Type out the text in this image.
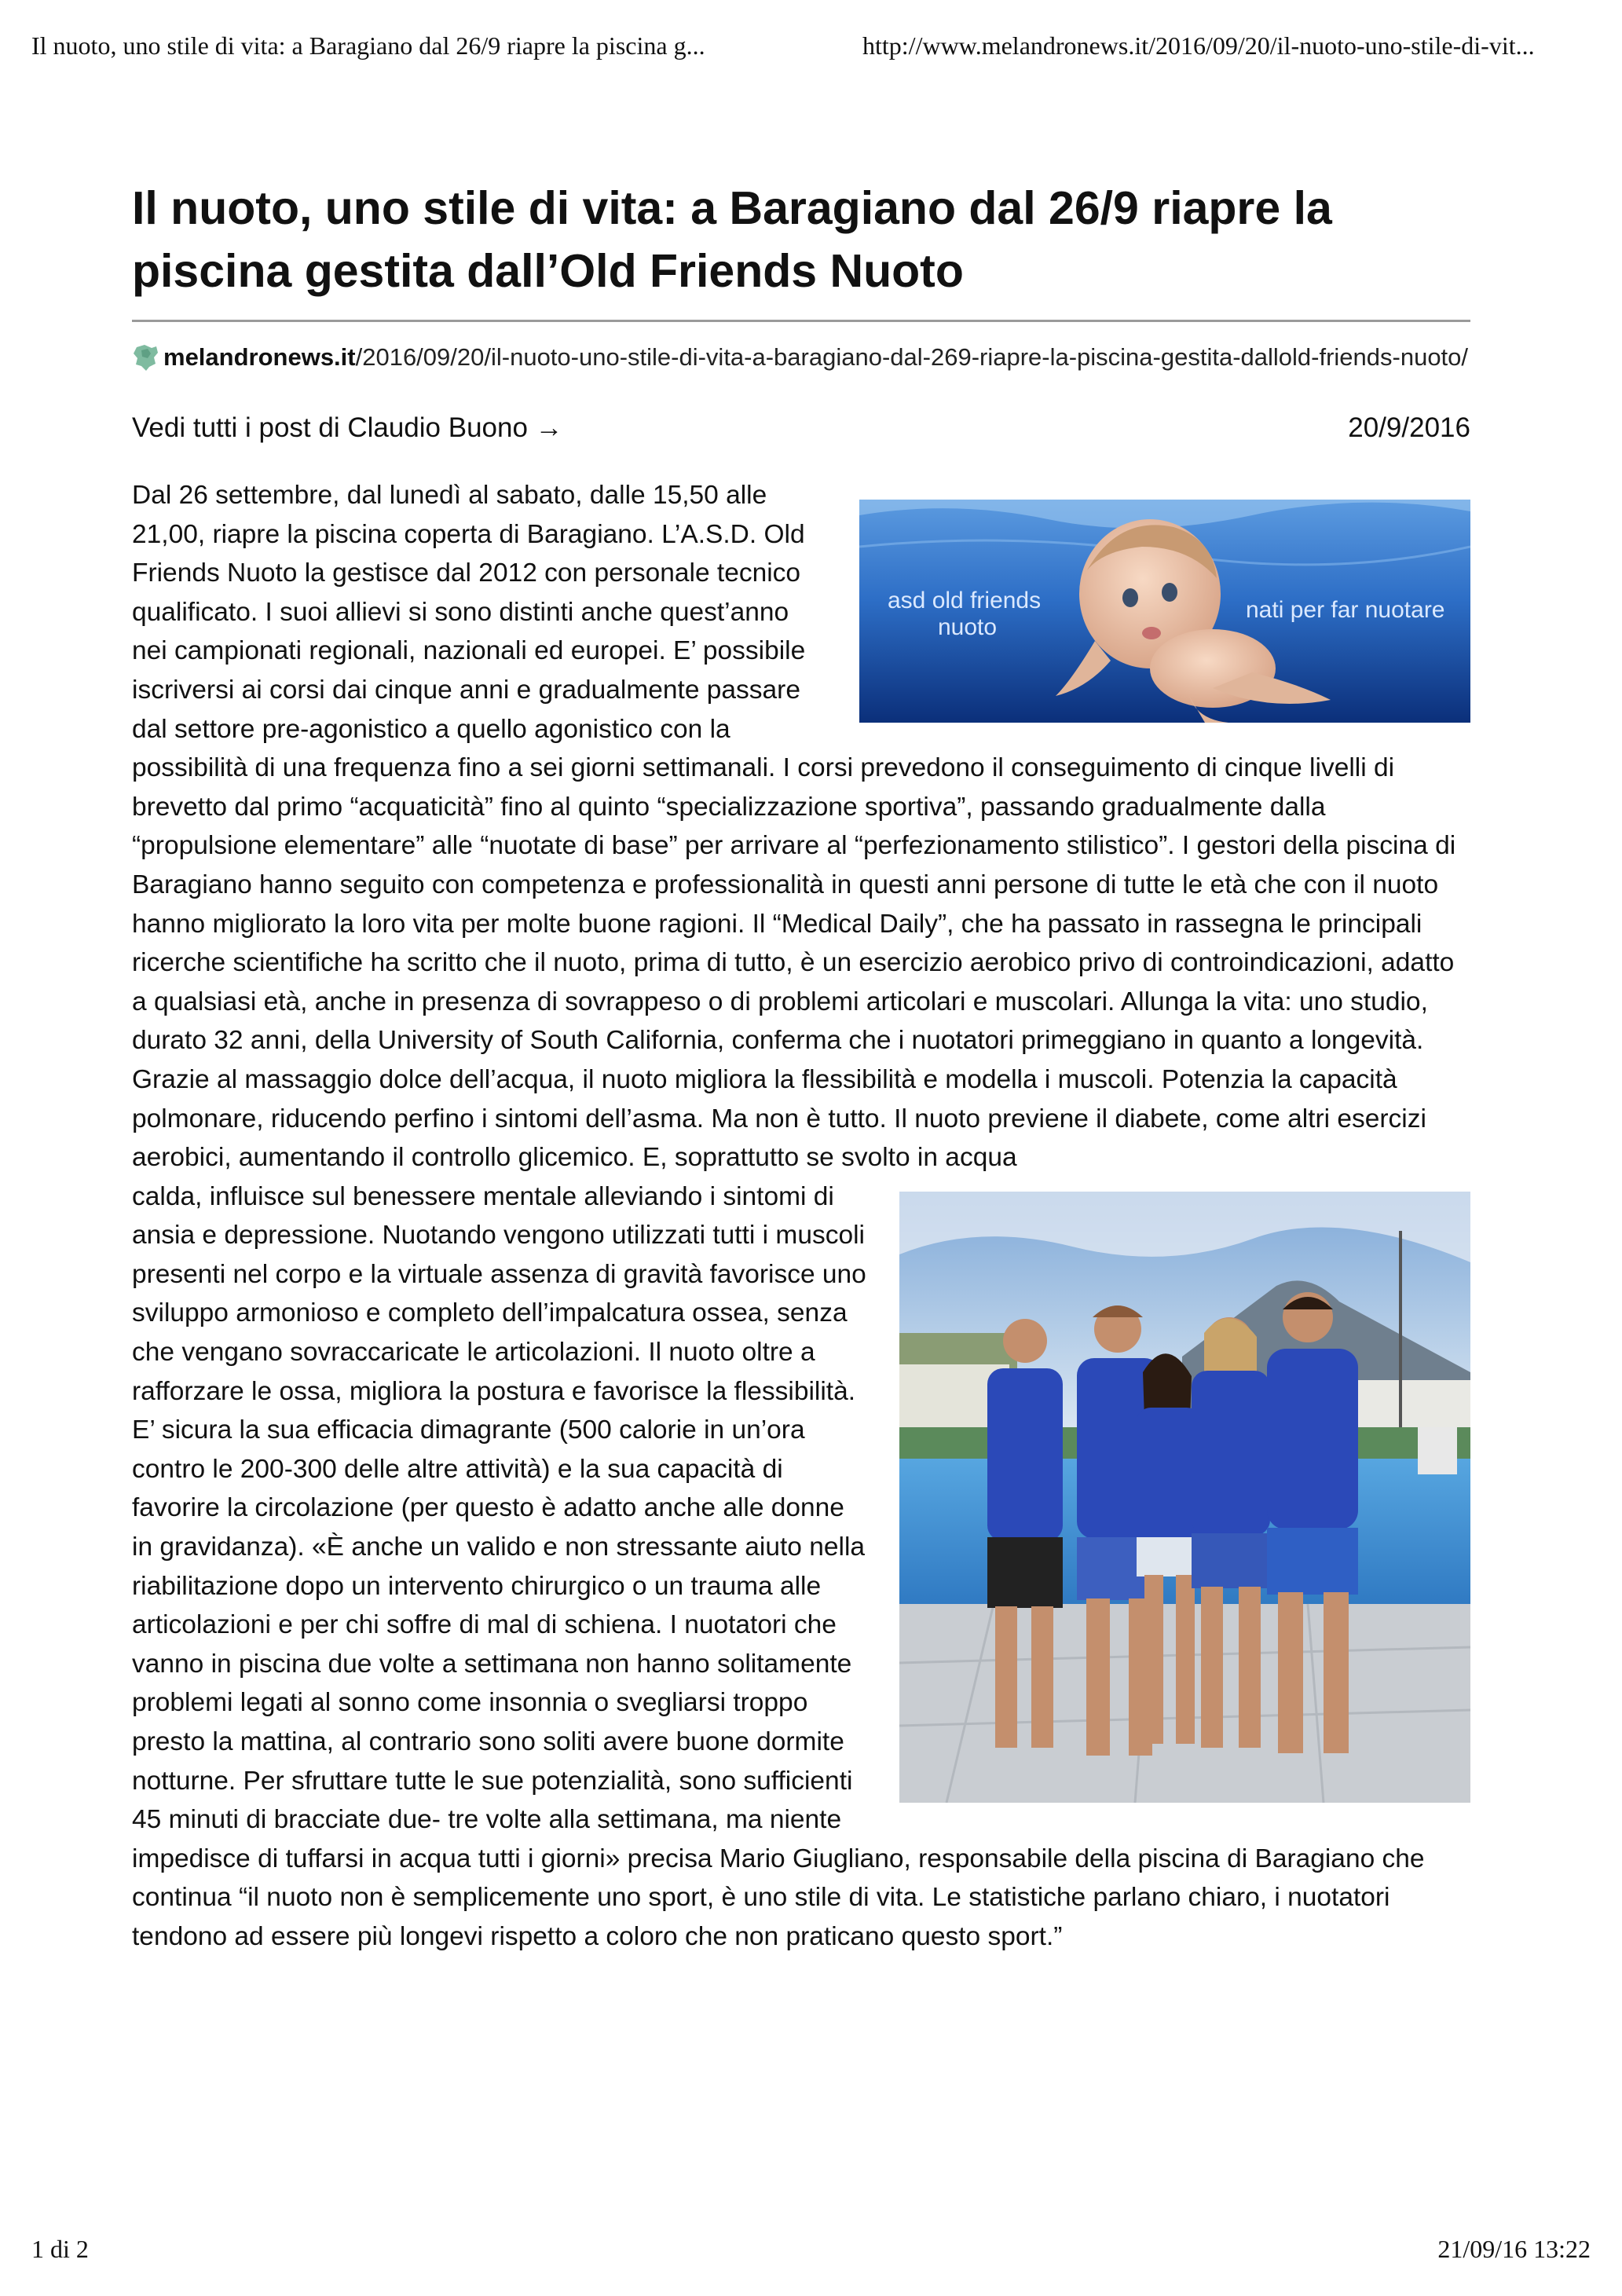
Il nuoto, uno stile di vita: a Baragiano dal 26/9 riapre la piscina g...	http://www.melandronews.it/2016/09/20/il-nuoto-uno-stile-di-vit...
Il nuoto, uno stile di vita: a Baragiano dal 26/9 riapre la piscina gestita dall’Old Friends Nuoto
melandronews.it /2016/09/20/il-nuoto-uno-stile-di-vita-a-baragiano-dal-269-riapre-la-piscina-gestita-dallold-friends-nuoto/
Vedi tutti i post di Claudio Buono →	20/9/2016
asd old friends
nuoto
nati per far nuotare

Dal 26 settembre, dal lunedì al sabato, dalle 15,50 alle 21,00, riapre la piscina coperta di Baragiano. L’A.S.D. Old Friends Nuoto la gestisce dal 2012 con personale tecnico qualificato. I suoi allievi si sono distinti anche quest’anno nei campionati regionali, nazionali ed europei. E’ possibile iscriversi ai corsi dai cinque anni e gradualmente passare dal settore pre-agonistico a quello agonistico con la possibilità di una frequenza fino a sei giorni settimanali. I corsi prevedono il conseguimento di cinque livelli di brevetto dal primo “acquaticità” fino al quinto “specializzazione sportiva”, passando gradualmente dalla “propulsione elementare” alle “nuotate di base” per arrivare al “perfezionamento stilistico”. I gestori della piscina di Baragiano hanno seguito con competenza e professionalità in questi anni persone di tutte le età che con il nuoto hanno migliorato la loro vita per molte buone ragioni. Il “Medical Daily”, che ha passato in rassegna le principali ricerche scientifiche ha scritto che il nuoto, prima di tutto, è un esercizio aerobico privo di controindicazioni, adatto a qualsiasi età, anche in presenza di sovrappeso o di problemi articolari e muscolari. Allunga la vita: uno studio, durato 32 anni, della University of South California, conferma che i nuotatori primeggiano in quanto a longevità. Grazie al massaggio dolce dell’acqua, il nuoto migliora la flessibilità e modella i muscoli. Potenzia la capacità polmonare, riducendo perfino i sintomi dell’asma. Ma non è tutto. Il nuoto previene il diabete, come altri esercizi aerobici, aumentando il controllo glicemico. E, soprattutto se svolto in acqua

calda, influisce sul benessere mentale alleviando i sintomi di ansia e depressione. Nuotando vengono utilizzati tutti i muscoli presenti nel corpo e la virtuale assenza di gravità favorisce uno sviluppo armonioso e completo dell’impalcatura ossea, senza che vengano sovraccaricate le articolazioni. Il nuoto oltre a rafforzare le ossa, migliora la postura e favorisce la flessibilità. E’ sicura la sua efficacia dimagrante (500 calorie in un’ora contro le 200-300 delle altre attività) e la sua capacità di favorire la circolazione (per questo è adatto anche alle donne in gravidanza). «È anche un valido e non stressante aiuto nella riabilitazione dopo un intervento chirurgico o un trauma alle articolazioni e per chi soffre di mal di schiena. I nuotatori che vanno in piscina due volte a settimana non hanno solitamente problemi legati al sonno come insonnia o svegliarsi troppo presto la mattina, al contrario sono soliti avere buone dormite notturne. Per sfruttare tutte le sue potenzialità, sono sufficienti 45 minuti di bracciate due- tre volte alla settimana, ma niente impedisce di tuffarsi in acqua tutti i giorni» precisa Mario Giugliano, responsabile della piscina di Baragiano che continua “il nuoto non è semplicemente uno sport, è uno stile di vita. Le statistiche parlano chiaro, i nuotatori tendono ad essere più longevi rispetto a coloro che non praticano questo sport.”

1 di 2	21/09/16 13:22
